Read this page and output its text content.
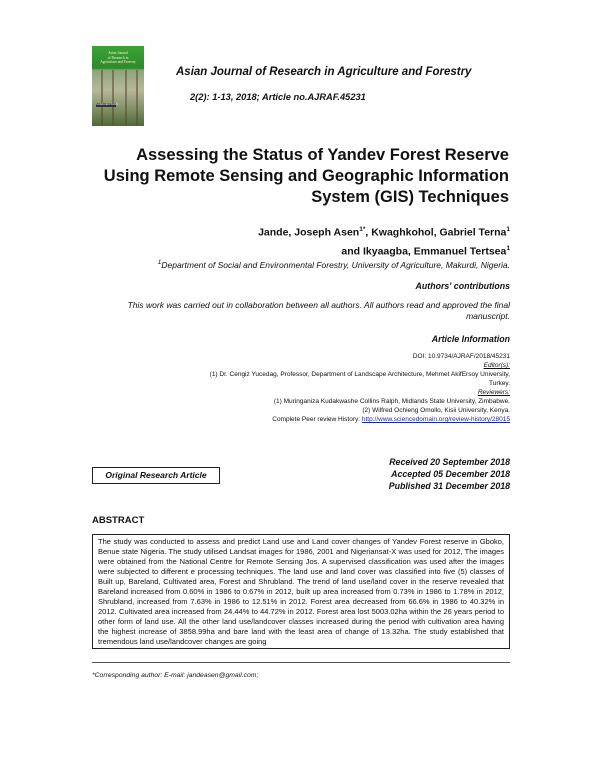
Asian Journal
of Research in
Agriculture and Forestry
SCIENCEDOMAIN
Asian Journal of Research in Agriculture and Forestry
2(2): 1-13, 2018; Article no.AJRAF.45231
Assessing the Status of Yandev Forest Reserve
Using Remote Sensing and Geographic Information
System (GIS) Techniques
Jande, Joseph Asen$^{1*}$, Kwaghkohol, Gabriel Terna$^1$
and Ikyaagba, Emmanuel Tertsea$^1$
$^1$Department of Social and Environmental Forestry, University of Agriculture, Makurdi, Nigeria.
Authors' contributions
This work was carried out in collaboration between all authors. All authors read and approved the final
manuscript.
Article Information
DOI: 10.9734/AJRAF/2018/45231
Editor(s):
(1) Dr. Cengiz Yucedag, Professor, Department of Landscape Architecture, Mehmet AkifErsoy University,
Turkey.
Reviewers:
(1) Muringaniza Kudakwashe Collins Ralph, Midlands State University, Zimbabwe.
(2) Wilfred Ochieng Omollo, Kisii University, Kenya.
Complete Peer review History: http://www.sciencedomain.org/review-history/28015
Original Research Article
Received 20 September 2018
Accepted 05 December 2018
Published 31 December 2018
ABSTRACT
The study was conducted to assess and predict Land use and Land cover changes of Yandev Forest reserve in Gboko, Benue state Nigeria. The study utilised Landsat images for 1986, 2001 and Nigeriansat-X was used for 2012, The images were obtained from the National Centre for Remote Sensing Jos. A supervised classification was used after the images were subjected to different e processing techniques. The land use and land cover was classified into five (5) classes of Built up, Bareland, Cultivated area, Forest and Shrubland. The trend of land use/land cover in the reserve revealed that Bareland increased from 0.60% in 1986 to 0.67% in 2012, built up area increased from 0.73% in 1986 to 1.78% in 2012, Shrubland, increased from 7.63% in 1986 to 12.51% in 2012. Forest area decreased from 66.6% in 1986 to 40.32% in 2012. Cultivated area increased from 24.44% to 44.72% in 2012. Forest area lost 5003.02ha within the 26 years period to other form of land use. All the other land use/landcover classes increased during the period with cultivation area having the highest increase of 3858.99ha and bare land with the least area of change of 13.32ha. The study established that tremendous land use/landcover changes are going
*Corresponding author: E-mail: jandeasen@gmail.com;
